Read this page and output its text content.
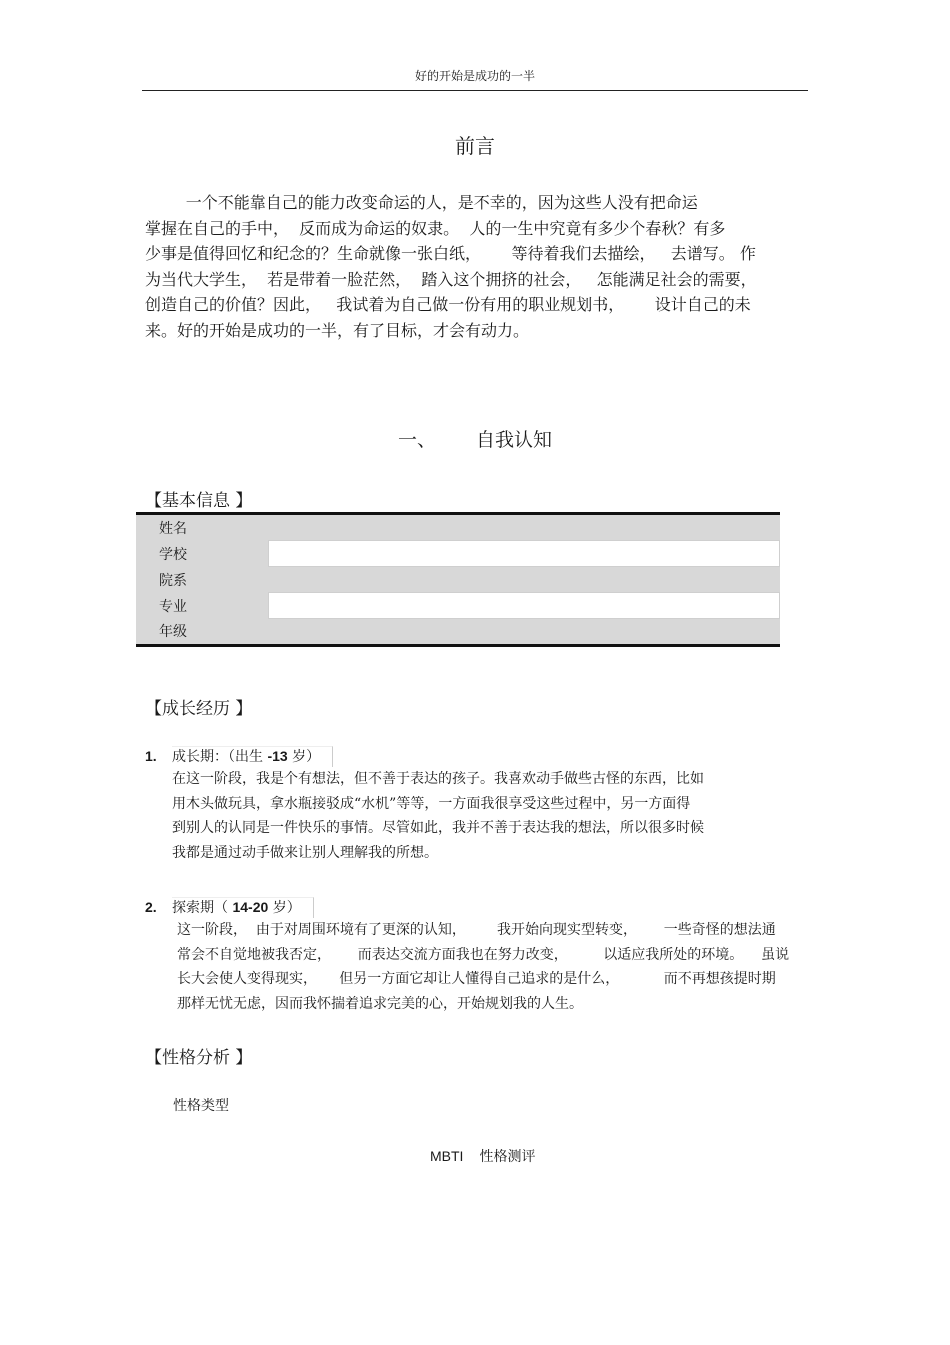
好的开始是成功的一半
前言

一个不能靠自己的能力改变命运的人，是不幸的，因为这些人没有把命运
掌握在自己的手中，  反而成为命运的奴隶。  人的一生中究竟有多少个春秋？有多
少事是值得回忆和纪念的？生命就像一张白纸，      等待着我们去描绘，   去谱写。 作
为当代大学生，  若是带着一脸茫然，  踏入这个拥挤的社会，   怎能满足社会的需要，
创造自己的价值？因此，   我试着为自己做一份有用的职业规划书，      设计自己的未
来。好的开始是成功的一半，有了目标，才会有动力。

一、 自我认知
【基本信息 】
姓名	
学校	
院系	
专业	
年级	
【成长经历 】
1. 成长期：（出生 -13 岁）

在这一阶段，我是个有想法，但不善于表达的孩子。我喜欢动手做些古怪的东西，比如
用木头做玩具，拿水瓶接驳成“水机”等等，一方面我很享受这些过程中，另一方面得
到别人的认同是一件快乐的事情。尽管如此，我并不善于表达我的想法，所以很多时候
我都是通过动手做来让别人理解我的所想。

2. 探索期（ 14-20 岁）

这一阶段，  由于对周围环境有了更深的认知，       我开始向现实型转变，      一些奇怪的想法通
常会不自觉地被我否定，      而表达交流方面我也在努力改变，        以适应我所处的环境。    虽说
长大会使人变得现实，     但另一方面它却让人懂得自己追求的是什么，          而不再想孩提时期
那样无忧无虑，因而我怀揣着追求完美的心，开始规划我的人生。

【性格分析 】
性格类型
MBTI 性格测评
